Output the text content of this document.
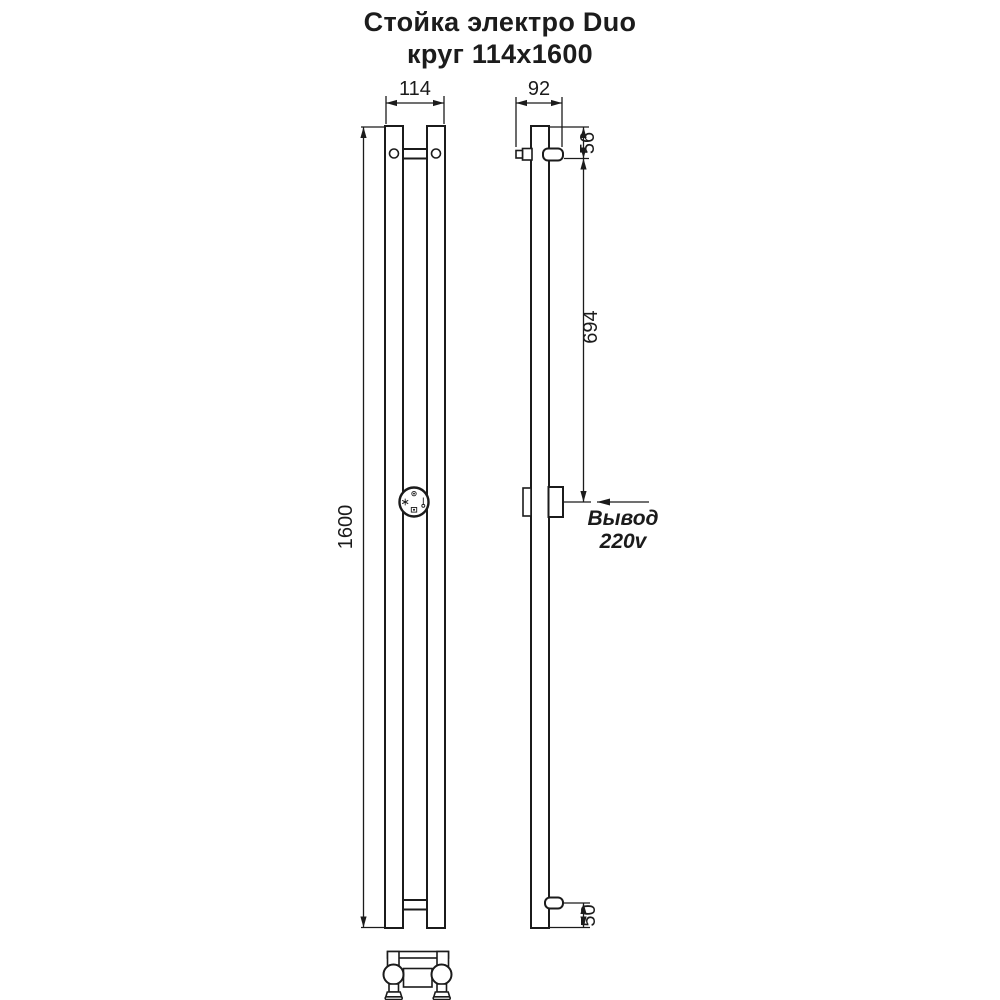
Стойка электро Duo
круг 114x1600
114
1600
92
56
694
50
Вывод
220v
